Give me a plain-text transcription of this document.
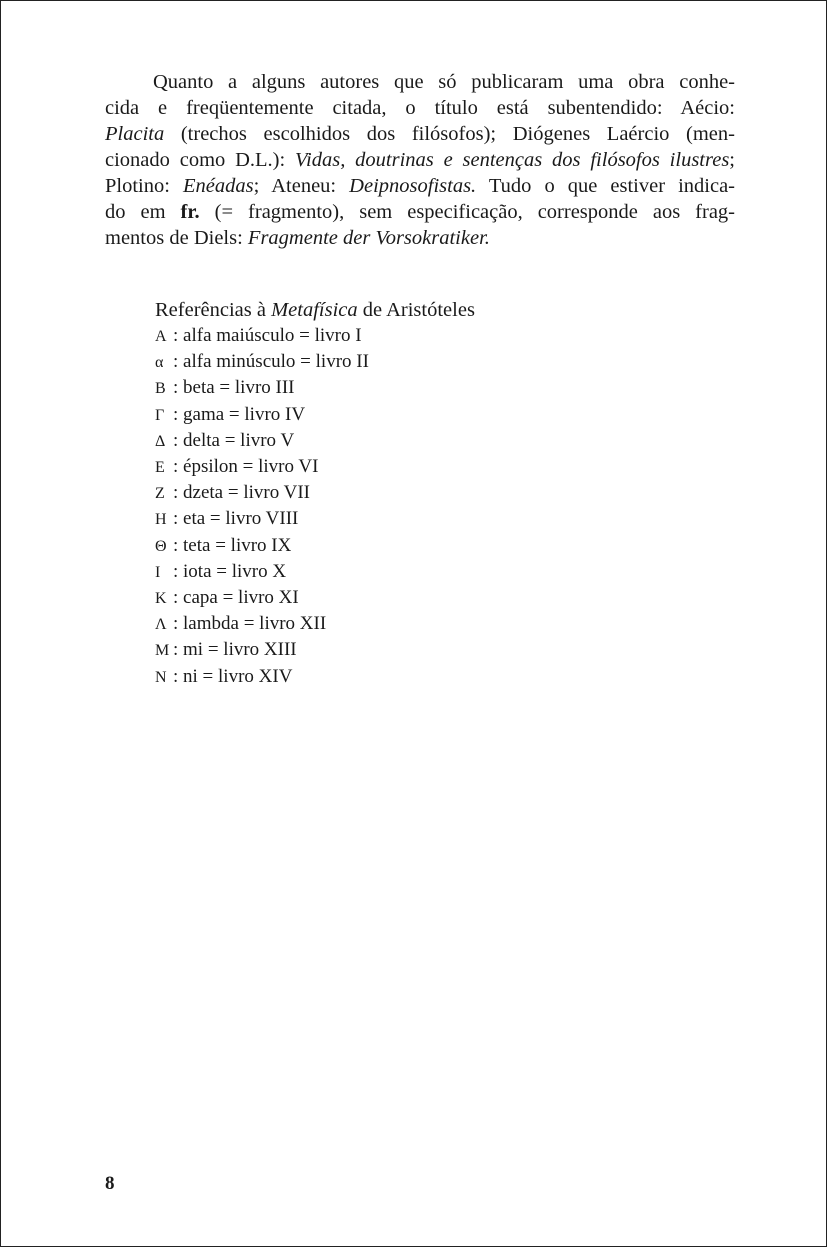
Quanto a alguns autores que só publicaram uma obra conhe-
cida e freqüentemente citada, o título está subentendido: Aécio:
Placita (trechos escolhidos dos filósofos); Diógenes Laércio (men-
cionado como D.L.): Vidas, doutrinas e sentenças dos filósofos ilustres;
Plotino: Enéadas; Ateneu: Deipnosofistas. Tudo o que estiver indica-
do em fr. (= fragmento), sem especificação, corresponde aos frag-
mentos de Diels: Fragmente der Vorsokratiker.
Referências à Metafísica de Aristóteles
Α : alfa maiúsculo = livro I
α : alfa minúsculo = livro II
Β : beta = livro III
Γ : gama = livro IV
Δ : delta = livro V
Ε : épsilon = livro VI
Ζ : dzeta = livro VII
Η : eta = livro VIII
Θ : teta = livro IX
Ι : iota = livro X
Κ : capa = livro XI
Λ : lambda = livro XII
Μ : mi = livro XIII
Ν : ni = livro XIV
8
